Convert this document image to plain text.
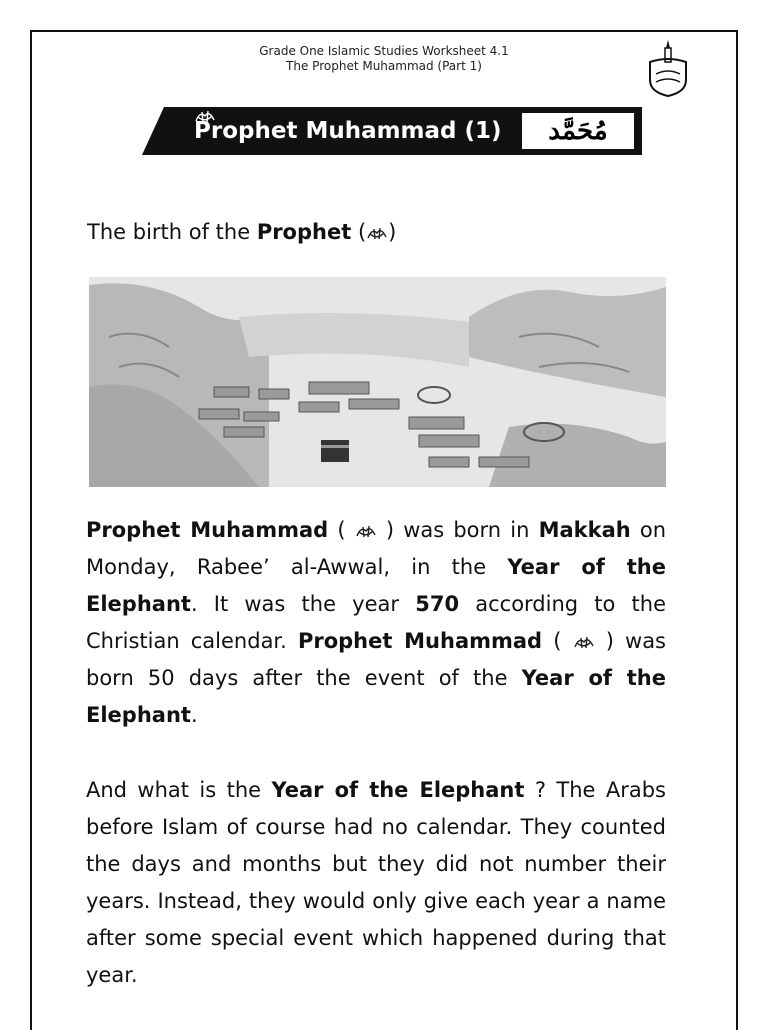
Grade One Islamic Studies Worksheet 4.1
The Prophet Muhammad (Part 1)
Prophet Muhammad (1)	مُحَمَّد
The birth of the Prophet ( )
Prophet Muhammad (  ) was born in Makkah on Monday, Rabee’ al-Awwal, in the Year of the Elephant. It was the year 570 according to the Christian calendar. Prophet Muhammad (  ) was born 50 days after the event of the Year of the Elephant.
And what is the Year of the Elephant ? The Arabs before Islam of course had no calendar. They counted the days and months but they did not number their years. Instead, they would only give each year a name after some special event which happened during that year.
